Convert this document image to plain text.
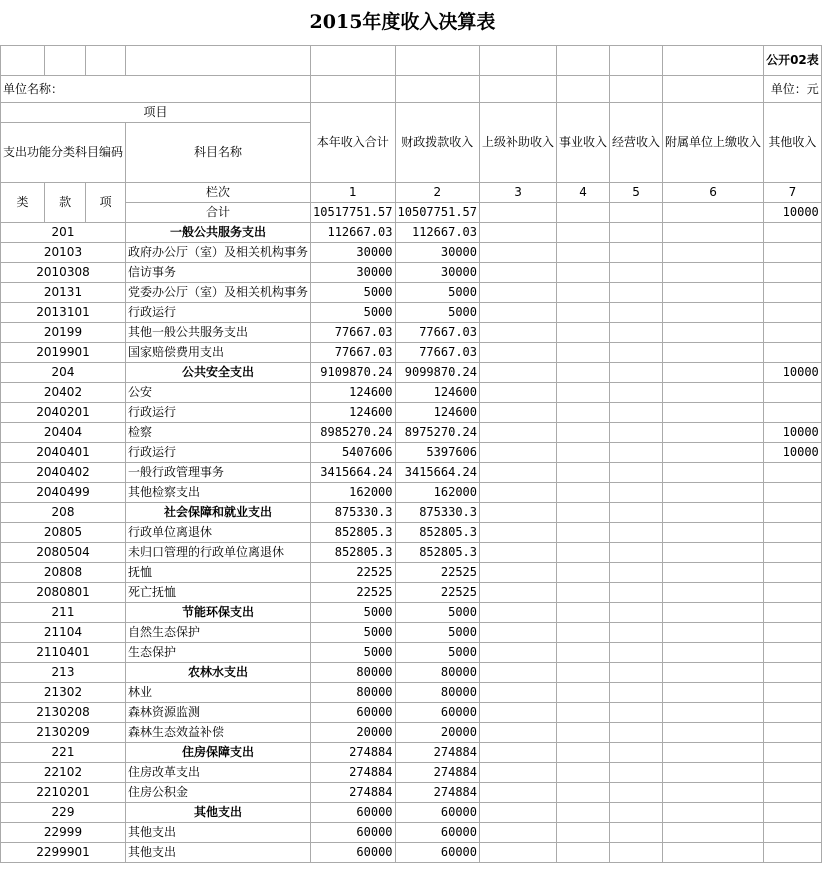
2015年度收入决算表
										公开02表
单位名称：										单位：元
项目				本年收入合计	财政拨款收入	上级补助收入	事业收入	经营收入	附属单位上缴收入	其他收入
支出功能分类科目编码			科目名称							

类	款	项	栏次	1	2	3	4	5	6	7
			合计	10517751.57	10507751.57					10000
201			一般公共服务支出	112667.03	112667.03					
20103			政府办公厅（室）及相关机构事务	30000	30000					
2010308			信访事务	30000	30000					
20131			党委办公厅（室）及相关机构事务	5000	5000					
2013101			行政运行	5000	5000					
20199			其他一般公共服务支出	77667.03	77667.03					
2019901			国家赔偿费用支出	77667.03	77667.03					
204			公共安全支出	9109870.24	9099870.24					10000
20402			公安	124600	124600					
2040201			行政运行	124600	124600					
20404			检察	8985270.24	8975270.24					10000
2040401			行政运行	5407606	5397606					10000
2040402			一般行政管理事务	3415664.24	3415664.24					
2040499			其他检察支出	162000	162000					
208			社会保障和就业支出	875330.3	875330.3					
20805			行政单位离退休	852805.3	852805.3					
2080504			未归口管理的行政单位离退休	852805.3	852805.3					
20808			抚恤	22525	22525					
2080801			死亡抚恤	22525	22525					
211			节能环保支出	5000	5000					
21104			自然生态保护	5000	5000					
2110401			生态保护	5000	5000					
213			农林水支出	80000	80000					
21302			林业	80000	80000					
2130208			森林资源监测	60000	60000					
2130209			森林生态效益补偿	20000	20000					
221			住房保障支出	274884	274884					
22102			住房改革支出	274884	274884					
2210201			住房公积金	274884	274884					
229			其他支出	60000	60000					
22999			其他支出	60000	60000					
2299901			其他支出	60000	60000					
